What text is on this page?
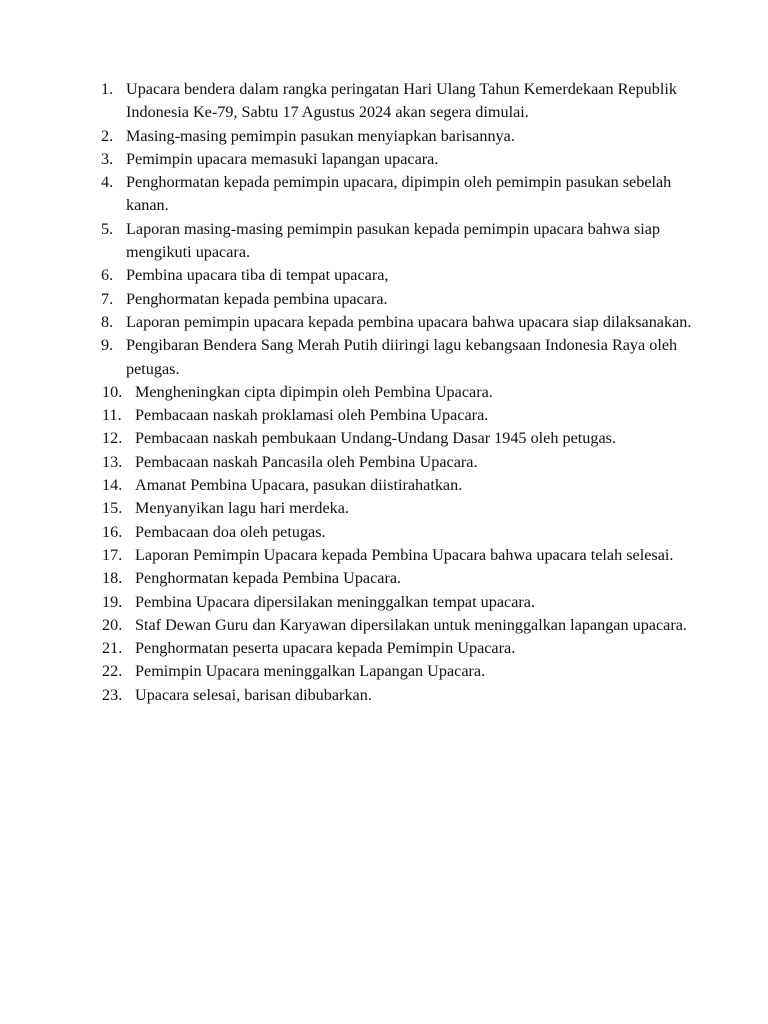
1. Upacara bendera dalam rangka peringatan Hari Ulang Tahun Kemerdekaan Republik Indonesia Ke-79, Sabtu 17 Agustus 2024 akan segera dimulai.
2. Masing-masing pemimpin pasukan menyiapkan barisannya.
3. Pemimpin upacara memasuki lapangan upacara.
4. Penghormatan kepada pemimpin upacara, dipimpin oleh pemimpin pasukan sebelah kanan.
5. Laporan masing-masing pemimpin pasukan kepada pemimpin upacara bahwa siap mengikuti upacara.
6. Pembina upacara tiba di tempat upacara,
7. Penghormatan kepada pembina upacara.
8. Laporan pemimpin upacara kepada pembina upacara bahwa upacara siap dilaksanakan.
9. Pengibaran Bendera Sang Merah Putih diiringi lagu kebangsaan Indonesia Raya oleh petugas.
10. Mengheningkan cipta dipimpin oleh Pembina Upacara.
11. Pembacaan naskah proklamasi oleh Pembina Upacara.
12. Pembacaan naskah pembukaan Undang-Undang Dasar 1945 oleh petugas.
13. Pembacaan naskah Pancasila oleh Pembina Upacara.
14. Amanat Pembina Upacara, pasukan diistirahatkan.
15. Menyanyikan lagu hari merdeka.
16. Pembacaan doa oleh petugas.
17. Laporan Pemimpin Upacara kepada Pembina Upacara bahwa upacara telah selesai.
18. Penghormatan kepada Pembina Upacara.
19. Pembina Upacara dipersilakan meninggalkan tempat upacara.
20. Staf Dewan Guru dan Karyawan dipersilakan untuk meninggalkan lapangan upacara.
21. Penghormatan peserta upacara kepada Pemimpin Upacara.
22. Pemimpin Upacara meninggalkan Lapangan Upacara.
23. Upacara selesai, barisan dibubarkan.
